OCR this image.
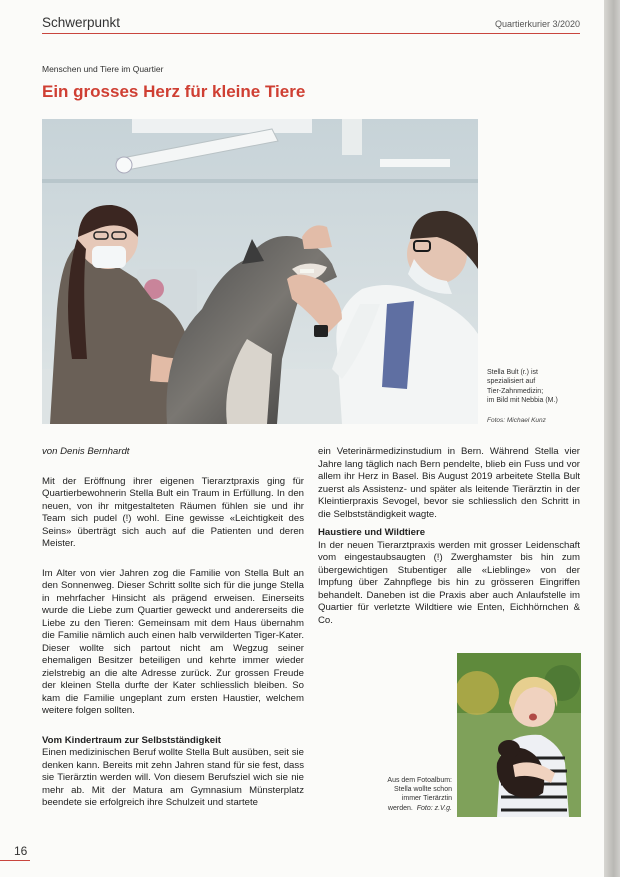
Schwerpunkt	Quartierkurier 3/2020
Menschen und Tiere im Quartier
Ein grosses Herz für kleine Tiere
Stella Bult (r.) ist
spezialisiert auf
Tier-Zahnmedizin;
im Bild mit Nebbia (M.)
Fotos: Michael Kunz

von Denis Bernhardt

Mit der Eröffnung ihrer eigenen Tierarztpraxis ging für Quartierbewohnerin Stella Bult ein Traum in Erfüllung. In den neuen, von ihr mitgestalteten Räumen fühlen sie und ihr Team sich pudel (!) wohl. Eine gewisse «Leichtigkeit des Seins» überträgt sich auch auf die Patienten und deren Meister.

Im Alter von vier Jahren zog die Familie von Stella Bult an den Sonnenweg. Dieser Schritt sollte sich für die junge Stella in mehrfacher Hinsicht als prägend erweisen. Einerseits wurde die Liebe zum Quartier geweckt und andererseits die Liebe zu den Tieren: Gemeinsam mit dem Haus übernahm die Familie nämlich auch einen halb verwilderten Tiger-Kater. Dieser wollte sich partout nicht am Wegzug seiner ehemaligen Besitzer beteiligen und kehrte immer wieder zielstrebig an die alte Adresse zurück. Zur grossen Freude der kleinen Stella durfte der Kater schliesslich bleiben. So kam die Familie ungeplant zum ersten Haustier, welchem weitere folgen sollten.

Vom Kindertraum zur Selbstständigkeit

Einen medizinischen Beruf wollte Stella Bult ausüben, seit sie denken kann. Bereits mit zehn Jahren stand für sie fest, dass sie Tierärztin werden will. Von diesem Berufsziel wich sie nie mehr ab. Mit der Matura am Gymnasium Münsterplatz beendete sie erfolgreich ihre Schulzeit und startete

ein Veterinärmedizinstudium in Bern. Während Stella vier Jahre lang täglich nach Bern pendelte, blieb ein Fuss und vor allem ihr Herz in Basel. Bis August 2019 arbeitete Stella Bult zuerst als Assistenz- und später als leitende Tierärztin in der Kleintierpraxis Sevogel, bevor sie schliesslich den Schritt in die Selbstständigkeit wagte.

Haustiere und Wildtiere

In der neuen Tierarztpraxis werden mit grosser Leidenschaft vom eingestaubsaugten (!) Zwerghamster bis hin zum übergewichtigen Stubentiger alle «Lieblinge» von der Impfung über Zahnpflege bis hin zu grösseren Eingriffen behandelt. Daneben ist die Praxis aber auch Anlaufstelle im Quartier für verletzte Wildtiere wie Enten, Eichhörnchen & Co.

Aus dem Fotoalbum:
Stella wollte schon
immer Tierärztin
werden. Foto: z.V.g.
16
